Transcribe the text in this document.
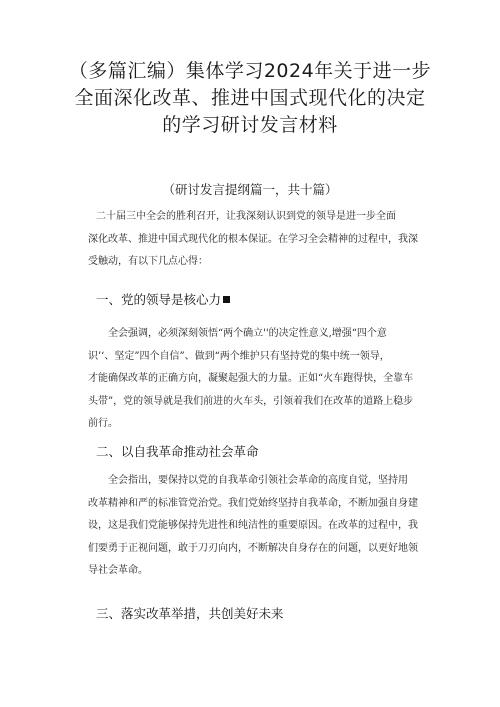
（多篇汇编）集体学习2024年关于进一步
全面深化改革、推进中国式现代化的决定
的学习研讨发言材料
（研讨发言提纲篇一，共十篇）
二十届三中全会的胜利召开，让我深刻认识到党的领导是进一步全面
深化改革、推进中国式现代化的根本保证。在学习全会精神的过程中，我深
受触动，有以下几点心得：
一、党的领导是核心力
全会强调，必须深刻领悟“两个确立''的决定性意义,增强“四个意
识’‘、坚定”四个自信”、做到“两个维护只有坚持党的集中统一领导，
才能确保改革的正确方向，凝聚起强大的力量。正如“火车跑得快，全靠车
头带”，党的领导就是我们前进的火车头，引领着我们在改革的道路上稳步
前行。
二、以自我革命推动社会革命
全会指出，要保持以党的自我革命引领社会革命的高度自觉，坚持用
改革精神和严的标准管党治党。我们党始终坚持自我革命，不断加强自身建
设，这是我们党能够保持先进性和纯洁性的重要原因。在改革的过程中，我
们要勇于正视问题，敢于刀刃向内，不断解决自身存在的问题，以更好地领
导社会革命。
三、落实改革举措，共创美好未来
